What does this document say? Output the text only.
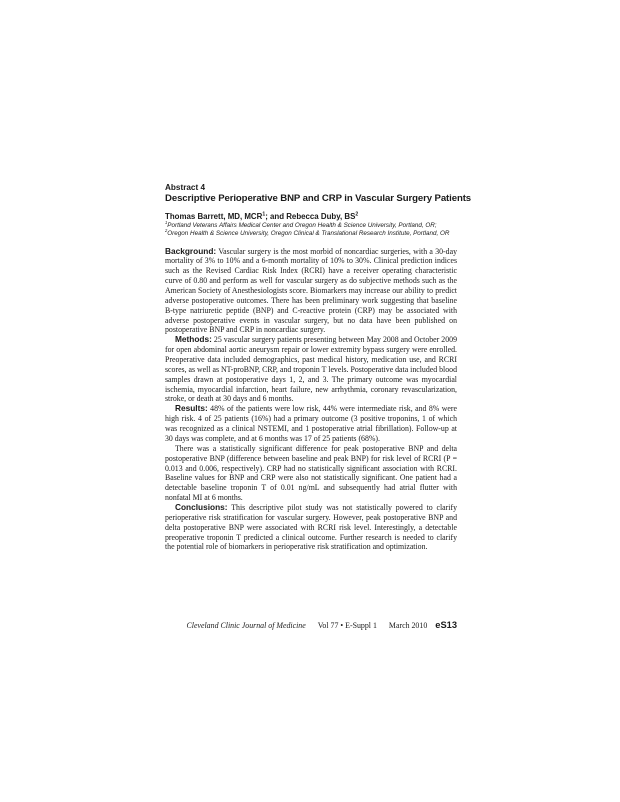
Abstract 4
Descriptive Perioperative BNP and CRP in Vascular Surgery Patients
Thomas Barrett, MD, MCR$^1$; and Rebecca Duby, $BS^2$
$^1$Portland Veterans Affairs Medical Center and Oregon Health & Science University, Portland, OR;
$^2$Oregon Health & Science University, Oregon Clinical & Translational Research Institute, Portland, OR

Background: Vascular surgery is the most morbid of noncardiac surgeries, with a 30-day mortality of 3% to 10% and a 6-month mortality of 10% to 30%. Clinical prediction indices such as the Revised Cardiac Risk Index (RCRI) have a receiver operating characteristic curve of 0.80 and perform as well for vascular surgery as do subjective methods such as the American Society of Anesthesiologists score. Biomarkers may increase our ability to predict adverse postoperative outcomes. There has been preliminary work suggesting that baseline B-type natriuretic peptide (BNP) and C-reactive protein (CRP) may be associated with adverse postoperative events in vascular surgery, but no data have been published on postoperative BNP and CRP in noncardiac surgery.

Methods: 25 vascular surgery patients presenting between May 2008 and October 2009 for open abdominal aortic aneurysm repair or lower extremity bypass surgery were enrolled. Preoperative data included demographics, past medical history, medication use, and RCRI scores, as well as NT-proBNP, CRP, and troponin T levels. Postoperative data included blood samples drawn at postoperative days 1, 2, and 3. The primary outcome was myocardial ischemia, myocardial infarction, heart failure, new arrhythmia, coronary revascularization, stroke, or death at 30 days and 6 months.

Results: 48% of the patients were low risk, 44% were intermediate risk, and 8% were high risk. 4 of 25 patients (16%) had a primary outcome (3 positive troponins, 1 of which was recognized as a clinical NSTEMI, and 1 postoperative atrial fibrillation). Follow-up at 30 days was complete, and at 6 months was 17 of 25 patients (68%).

There was a statistically significant difference for peak postoperative BNP and delta postoperative BNP (difference between baseline and peak BNP) for risk level of RCRI (P = 0.013 and 0.006, respectively). CRP had no statistically significant association with RCRI. Baseline values for BNP and CRP were also not statistically significant. One patient had a detectable baseline troponin T of 0.01 ng/mL and subsequently had atrial flutter with nonfatal MI at 6 months.

Conclusions: This descriptive pilot study was not statistically powered to clarify perioperative risk stratification for vascular surgery. However, peak postoperative BNP and delta postoperative BNP were associated with RCRI risk level. Interestingly, a detectable preoperative troponin T predicted a clinical outcome. Further research is needed to clarify the potential role of biomarkers in perioperative risk stratification and optimization.

Cleveland Clinic Journal of Medicine Vol 77 • E-Suppl 1 March 2010 eS13
